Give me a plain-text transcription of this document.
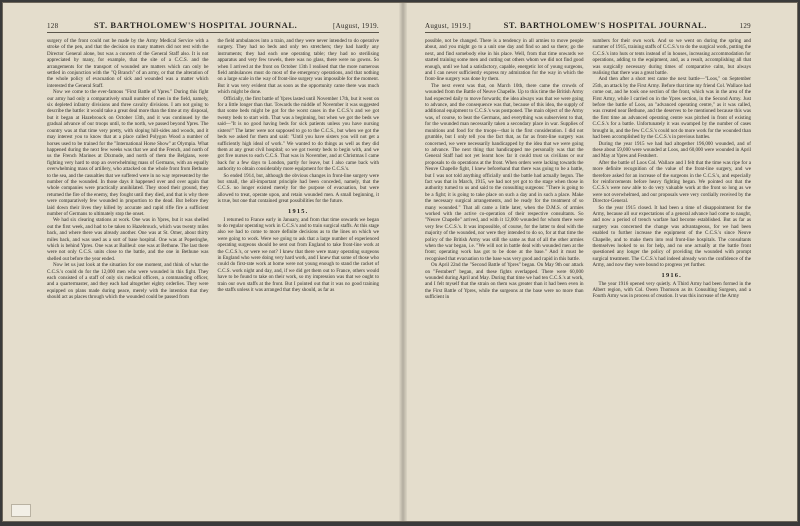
128	ST. BARTHOLOMEW'S HOSPITAL JOURNAL.	[August, 1919.

surgery of the front could not be made by the Army Medical Service with a stroke of the pen, and that the decision on many matters did not rest with the Director General alone, but was a concern of the General Staff also. It is not appreciated by many, for example, that the site of a C.C.S. and the arrangements for the transport of wounded are matters which can only be settled in conjunction with the "Q Branch" of an army, or that the alteration of the whole policy of evacuation of sick and wounded was a matter which interested the General Staff.

Now we come to the ever-famous "First Battle of Ypres." During this fight our army had only a comparatively small number of men in the field, namely, six depleted infantry divisions and three cavalry divisions. I am not going to describe the battle: it would take a great deal more than the time at my disposal, but it began at Hazebrouck on October 13th, and it was continued by the gradual advance of our troops until, to the north, we passed beyond Ypres. The country was at that time very pretty, with sloping hill-sides and woods, and it may interest you to know that at a place called Polygon Wood a number of horses used to be trained for the "International Horse Show" at Olympia. What happened during the next few weeks was that we and the French, and north of us the French Marines at Dixmude, and north of them the Belgians, were fighting very hard to stop an overwhelming mass of Germans, with an equally overwhelming mass of artillery, who attacked on the whole front from Bethune to the sea, and the casualties that we suffered were in no way represented by the number of the wounded. In those days it happened over and over again that whole companies were practically annihilated. They stood their ground, they returned the fire of the enemy, they fought until they died, and that is why there were comparatively few wounded in proportion to the dead. But before they laid down their lives they killed by accurate and rapid rifle fire a sufficient number of Germans to ultimately stop the onset.

We had six clearing stations at work. One was in Ypres, but it was shelled out the first week, and had to be taken to Hazebrouck, which was twenty miles back, and where there was already another. One was at St. Omer, about thirty miles back, and was used as a sort of base hospital. One was at Poperinghe, which is behind Ypres. One was at Bailleul: one was at Bethune. The last there were not only C.C.S. units close to the battle, and the one in Bethune was shelled out before the year ended.

Now let us just look at the situation for one moment, and think of what the C.C.S.'s could do for the 12,000 men who were wounded in this fight. They each consisted of a staff of only six medical officers, a commanding officer, and a quartermaster, and they each had altogether eighty orderlies. They were equipped on plans made during peace, merely with the intention that they should act as places through which the wounded could be passed from

the field ambulances into a train, and they were never intended to do operative surgery. They had no beds and only ten stretchers; they had hardly any instruments; they had each one operating table; they had no sterilising apparatus and very few towels, there was no glass, there were no gowns. So when I arrived at the front on October 13th I realised that the more numerous field ambulances must do most of the emergency operations, and that nothing on a large scale in the way of front-line surgery was impossible for the moment. But it was very evident that as soon as the opportunity came there was much which might be done.

Officially, the first battle of Ypres lasted until November 17th, but it went on for a little longer than that. Towards the middle of November it was suggested that some beds might be got for the worst cases in the C.C.S.'s and we got twenty beds to start with. That was a beginning, but when we got the beds we said—"It is no good having beds for sick patients unless you have nursing sisters!" The latter were not supposed to go to the C.C.S., but when we got the beds we asked for them and said: "Until you have sisters you will not get a sufficiently high ideal of work." We wanted to do things as well as they did them at any great civil hospital; so we got twenty beds to begin with, and we got five nurses to each C.C.S. That was in November, and at Christmas I came back for a few days to London, partly for leave, but I also came back with authority to obtain considerably more equipment for the C.C.S.'s.

So ended 1914, but, although the obvious changes in front-line surgery were but small, the all-important principle had been conceded, namely, that the C.C.S. no longer existed merely for the purpose of evacuation, but were allowed to treat, operate upon, and retain wounded men. A small beginning, it is true, but one that contained great possibilities for the future.

1915.

I returned to France early in January, and from that time onwards we began to do regular operating work in C.C.S.'s and to train surgical staffs. At this stage also we had to come to more definite decisions as to the lines on which we were going to work. Were we going to ask that a large number of experienced operating surgeons should be sent out from England to take front-line work at the C.C.S.'s, or were we not? I knew that there were many operating surgeons in England who were doing very hard work, and I knew that some of those who could do first-rate work at home were not young enough to stand the racket of C.C.S. work night and day, and, if we did get them out to France, others would have to be found to take on their work, so my impression was that we ought to train our own staffs at the front. But I pointed out that it was no good training the staffs unless it was arranged that they should, as far as

August, 1919.]	ST. BARTHOLOMEW'S HOSPITAL JOURNAL.	129

possible, not be changed. There is a tendency in all armies to move people about, and you might go to a unit one day and find so and so there; go the next, and find somebody else in his place. Well, from that time onwards we started training some men and cutting out others whom we did not find good enough, until we had a satisfactory, capable, energetic lot of young surgeons, and I can never sufficiently express my admiration for the way in which the front-line surgery was done by them.

The next event was that, on March 10th, there came the crowds of wounded from the Battle of Neuve Chapelle. Up to this time the British Army had expected daily to move forwards; the idea always was that we were going to advance, and the consequence was that, because of this idea, the supply of additional equipment to C.C.S.'s was postponed. The main object of the Army was, of course, to beat the Germans, and everything was subservient to that, for the wounded man necessarily taken a secondary place in war. Supplies of munitions and food for the troops—that is the first consideration. I did not grumble, but I only tell you the fact that, as far as front-line surgery was concerned, we were necessarily handicapped by the idea that we were going to advance. The next thing that handicapped me personally was that the General Staff had not yet learnt how far it could trust us civilians or our proposals to do operations at the front. When orders were lacking towards the Neuve Chapelle fight, I knew beforehand that there was going to be a battle, but I was not told anything officially until the battle had actually begun. The fact was that in March, 1915, we had not yet got to the stage when those in authority turned to us and said to the consulting surgeons: "There is going to be a fight; it is going to take place on such a day and in such a place. Make the necessary surgical arrangements, and be ready for the treatment of so many wounded." That all came a little later, when the D.M.S. of armies worked with the active co-operation of their respective consultants. So "Neuve Chapelle" arrived, and with it 12,000 wounded for whom there were very few C.C.S.'s. It was impossible, of course, for the latter to deal with the majority of the wounded, nor were they intended to do so, for at that time the policy of the British Army was still the same as that of all the other armies when the war began, i.e. "We will not in battle deal with wounded men at the front; operating work has got to be done at the base." And it must be recognised that evacuation to the base was very good and rapid in this battle.

On April 22nd the "Second Battle of Ypres" began. On May 9th our attack on "Festubert" began, and these fights overlapped. There were 60,000 wounded during April and May. During that time we had ten C.C.S.'s at work, and I felt myself that the strain on them was greater than it had been even in the First Battle of Ypres, while the surgeons at the base were no more than sufficient in

numbers for their own work. And so we went on during the spring and summer of 1915, training staffs of C.C.S.'s to do the surgical work, putting the C.C.S.'s into huts or tents instead of in houses, increasing accommodation for operations, adding to the equipment, and, as a result, accomplishing all that was surgically necessary during times of comparative calm, but always realising that there was a great battle.

And then after a short rest came the next battle—"Loos," on September 25th, an attack by the First Army. Before that time my friend Col. Wallace had come out, and he took one section of the front, which was in the area of the First Army, while I carried on in the Ypres section, in the Second Army. Just before the battle of Loos, an "advanced operating centre," as it was called, was created near Bethune, and the deserves to be mentioned because this was the first time an advanced operating centre was pitched in front of existing C.C.S.'s for a battle. Unfortunately it was swamped by the number of cases brought in, and the few C.C.S.'s could not do more work for the wounded than had been accomplished by the C.C.S.'s in previous battles.

During the year 1915 we had had altogether 196,000 wounded, and of these about 59,000 were wounded at Loos, and 60,000 were wounded in April and May at Ypres and Festubert.

After the battle of Loos Col. Wallace and I felt that the time was ripe for a more definite recognition of the value of the front-line surgery, and we therefore asked for an increase of the surgeons in the C.C.S.'s, and especially for reinforcements before heavy fighting began. We pointed out that the C.C.S.'s were now able to do very valuable work at the front so long as we were not overwhelmed, and our proposals were very cordially received by the Director-General.

So the year 1915 closed. It had been a time of disappointment for the Army, because all our expectations of a general advance had come to naught, and now a period of trench warfare had become established. But as far as surgery was concerned the change was advantageous, for we had been enabled to further increase the equipment of the C.C.S.'s since Neuve Chapelle, and to make them into real front-line hospitals. The consultants themselves looked to us for help, and no one actually at the battle front questioned any longer the policy of providing the wounded with prompt surgical treatment. The C.C.S.'s had indeed already won the confidence of the Army, and now they were bound to progress yet further.

1916.

The year 1916 opened very quietly. A Third Army had been formed in the Albert region, with Col. Owen Thomson as its Consulting Surgeon, and a Fourth Army was in process of creation. It was this increase of the Army
